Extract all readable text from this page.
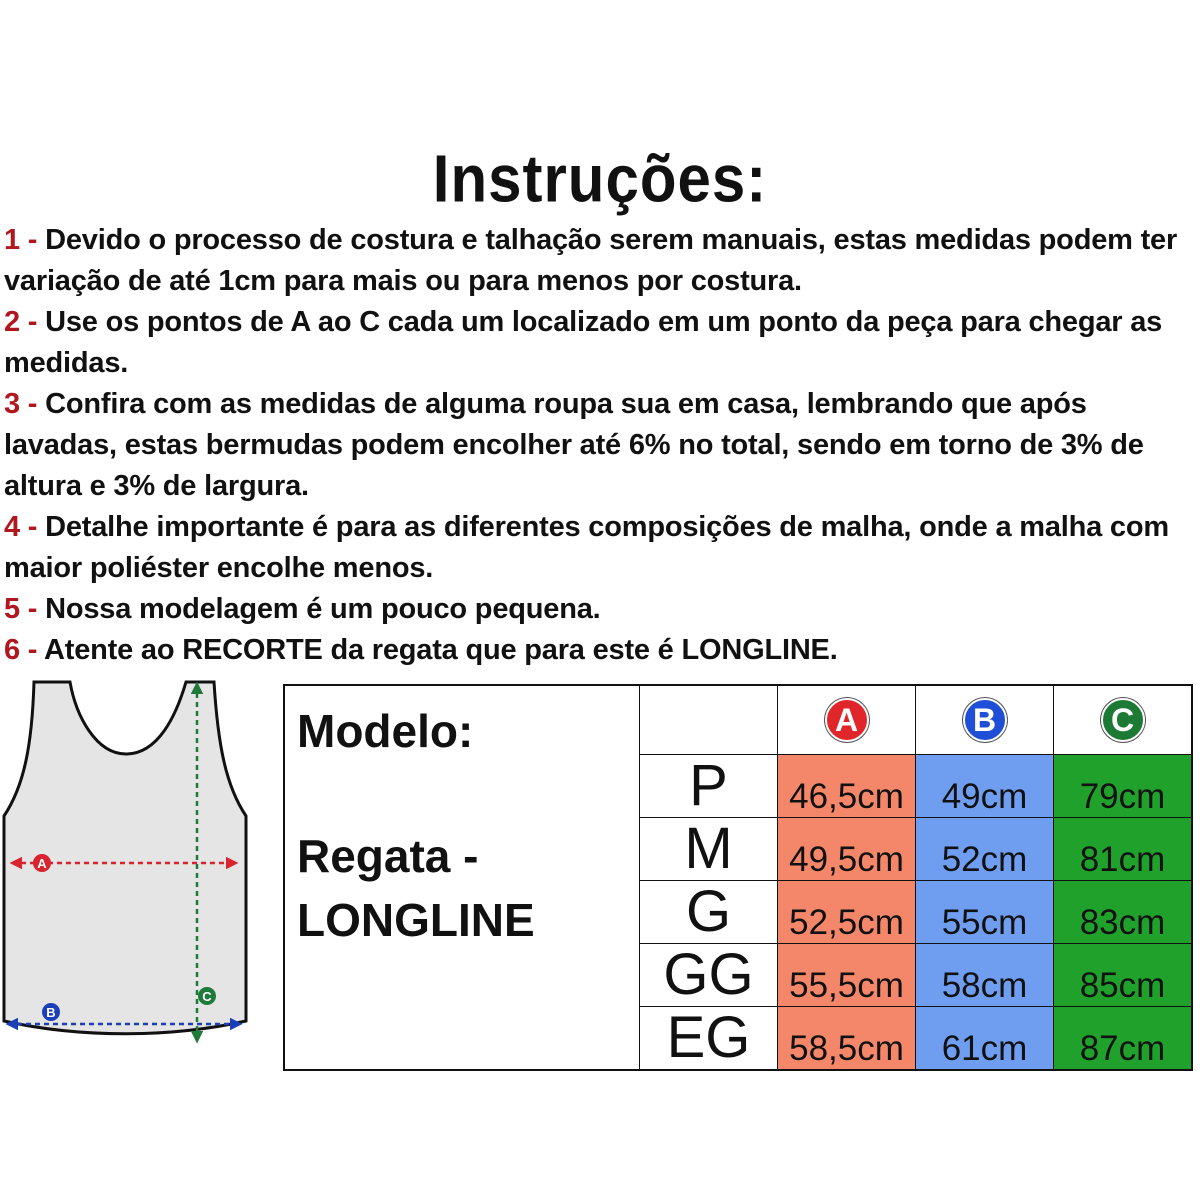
Instruções:

1 - Devido o processo de costura e talhação serem manuais, estas medidas podem ter variação de até 1cm para mais ou para menos por costura.

2 - Use os pontos de A ao C cada um localizado em um ponto da peça para chegar as medidas.

3 - Confira com as medidas de alguma roupa sua em casa, lembrando que após lavadas, estas bermudas podem encolher até 6% no total, sendo em torno de 3% de altura e 3% de largura.

4 - Detalhe importante é para as diferentes composições de malha, onde a malha com maior poliéster encolhe menos.

5 - Nossa modelagem é um pouco pequena.

6 - Atente ao RECORTE da regata que para este é LONGLINE.

A
B
C
Modelo:
Regata - LONGLINE		A	B	C
	P	46,5cm	49cm	79cm
	M	49,5cm	52cm	81cm
	G	52,5cm	55cm	83cm
	GG	55,5cm	58cm	85cm
	EG	58,5cm	61cm	87cm
